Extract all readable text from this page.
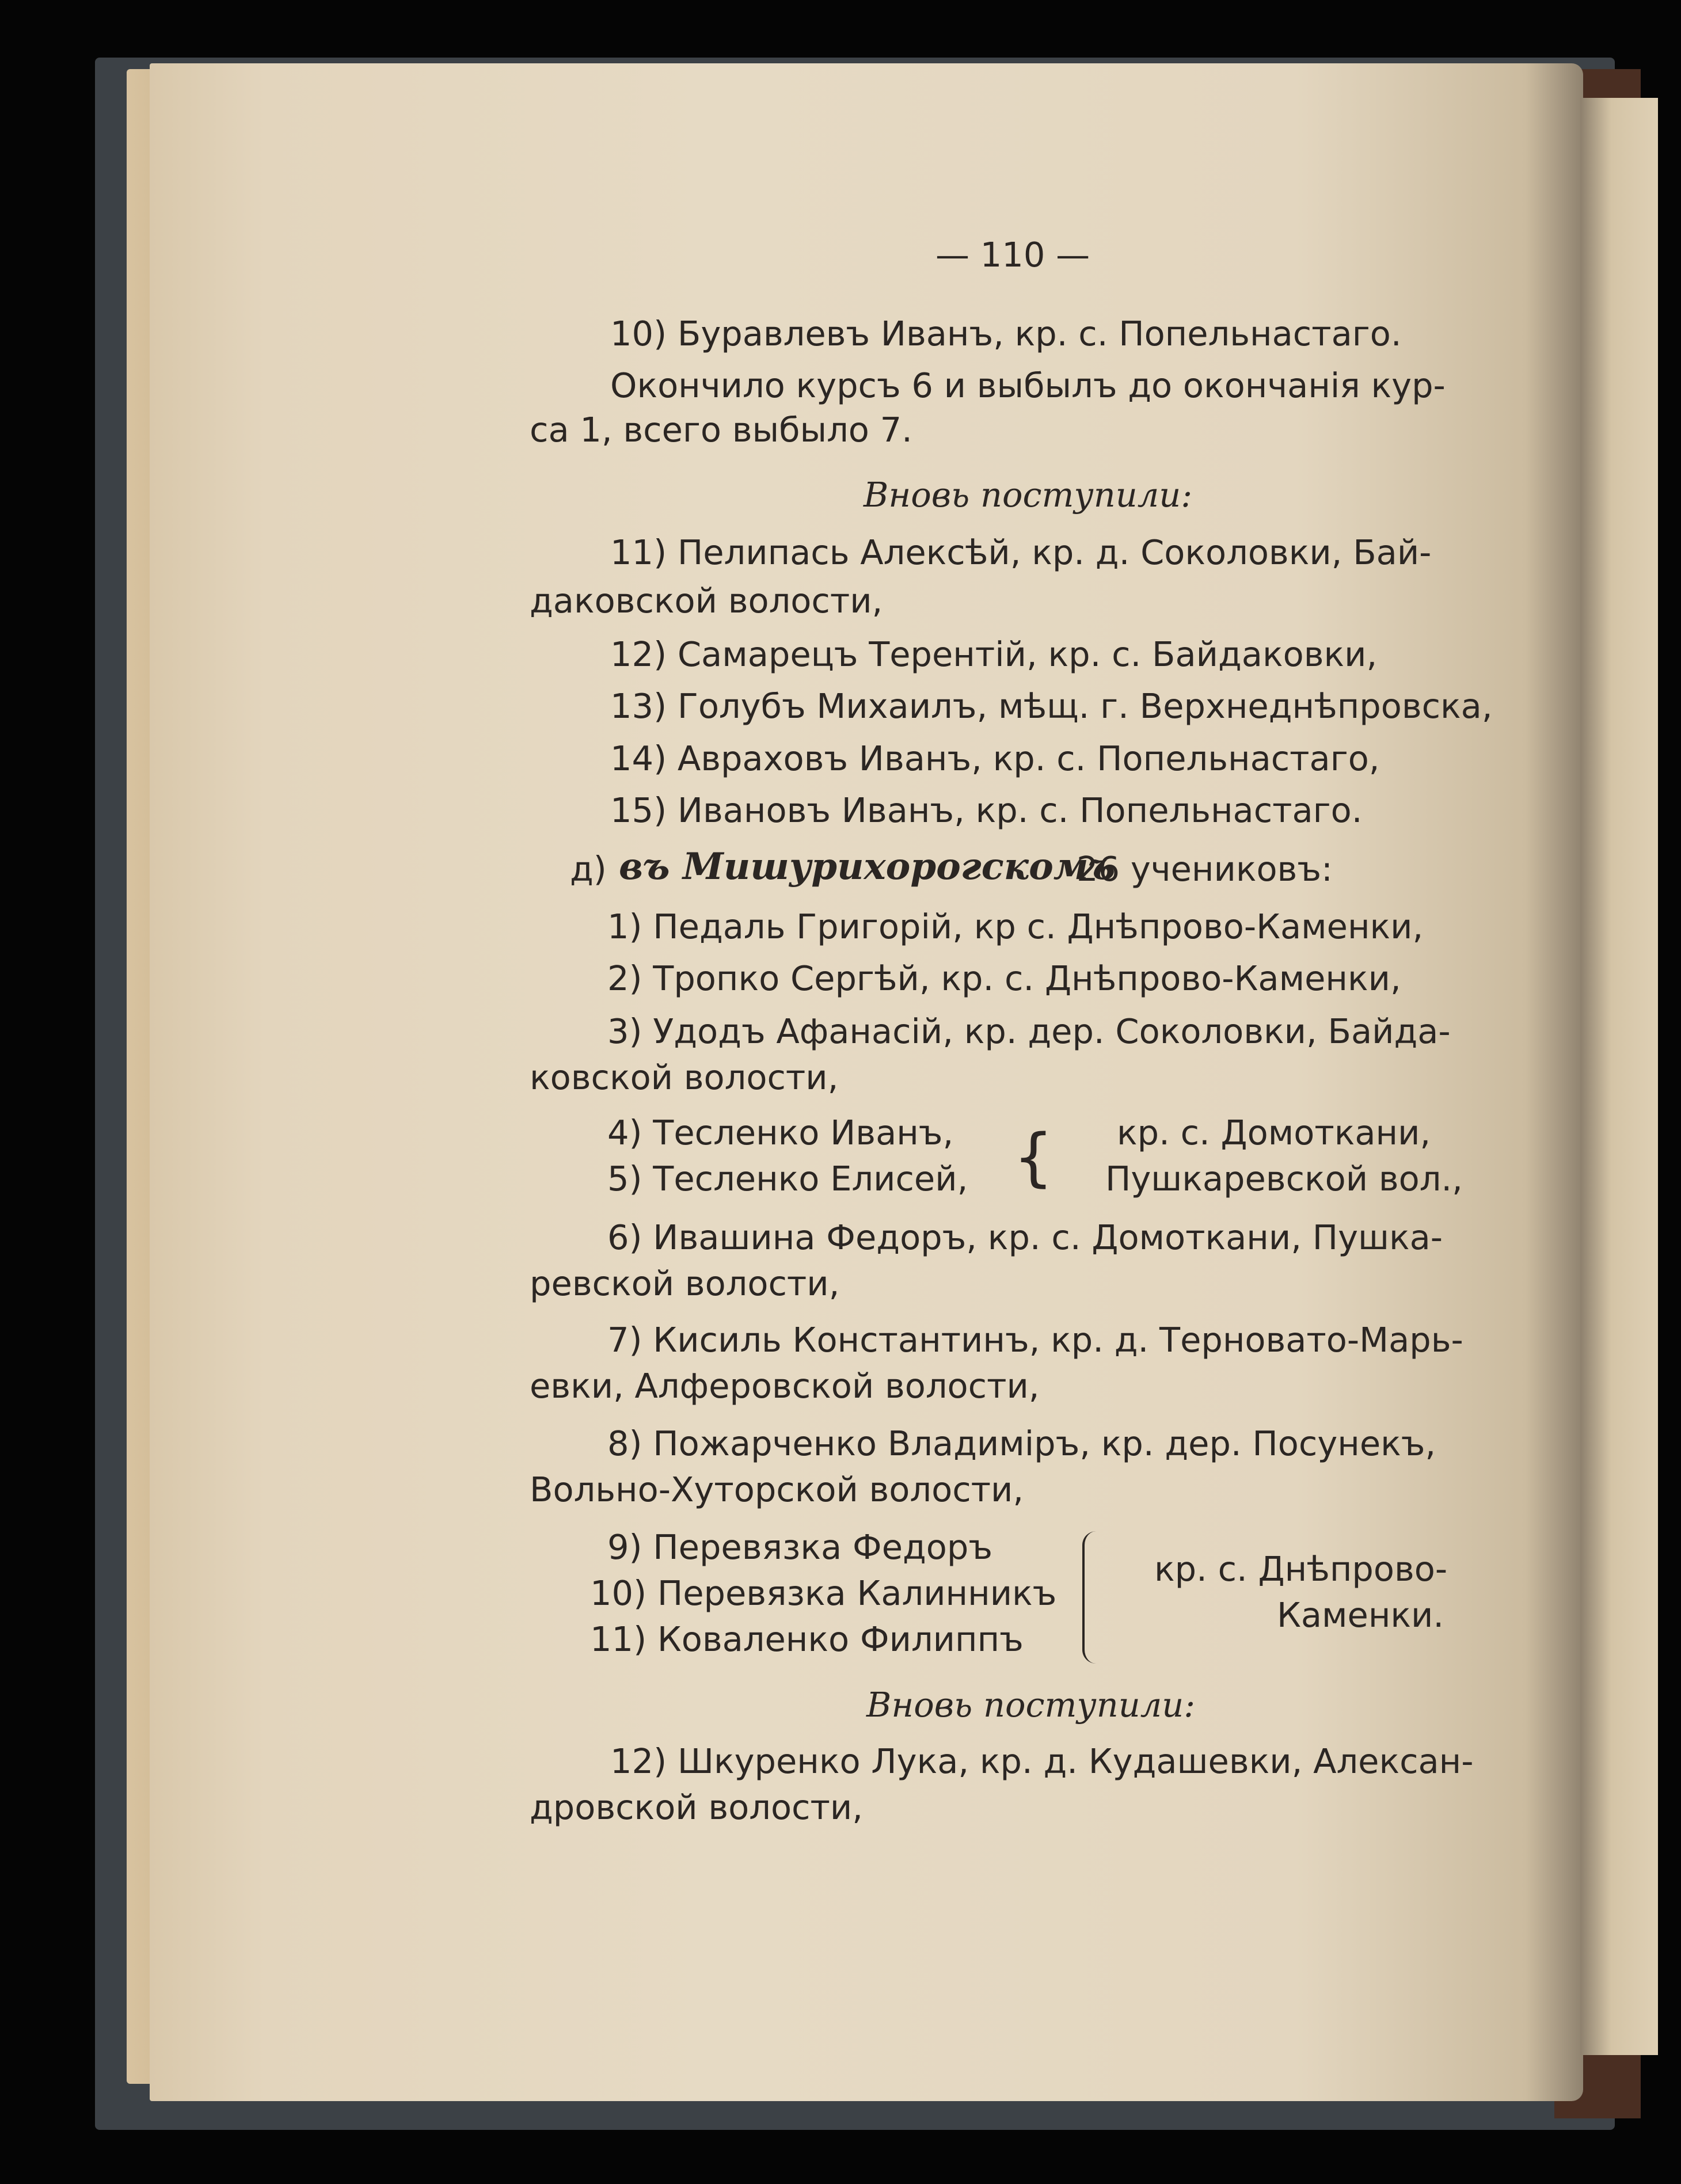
— 110 —
10) Буравлевъ Иванъ, кр. с. Попельнастаго.
Окончило курсъ 6 и выбылъ до окончанія кур-
са 1, всего выбыло 7.
Вновь поступили:
11) Пелипась Алексѣй, кр. д. Соколовки, Бай-
даковской волости,
12) Самарецъ Терентій, кр. с. Байдаковки,
13) Голубъ Михаилъ, мѣщ. г. Верхнеднѣпровска,
14) Авраховъ Иванъ, кр. с. Попельнастаго,
15) Ивановъ Иванъ, кр. с. Попельнастаго.
д) въ Мишурихорогскомъ
26 учениковъ:
1) Педаль Григорій, кр с. Днѣпрово-Каменки,
2) Тропко Сергѣй, кр. с. Днѣпрово-Каменки,
3) Удодъ Афанасій, кр. дер. Соколовки, Байда-
ковской волости,
4) Тесленко Иванъ,
5) Тесленко Елисей, { кр. с. Домоткани,
Пушкаревской вол.,
6) Ивашина Федоръ, кр. с. Домоткани, Пушка-
ревской волости,
7) Кисиль Константинъ, кр. д. Терновато-Марь-
евки, Алферовской волости,
8) Пожарченко Владиміръ, кр. дер. Посунекъ,
Вольно-Хуторской волости,
9) Перевязка Федоръ
10) Перевязка Калинникъ
11) Коваленко Филиппъ
кр. с. Днѣпрово-
Каменки.
Вновь поступили:
12) Шкуренко Лука, кр. д. Кудашевки, Алексан-
дровской волости,
